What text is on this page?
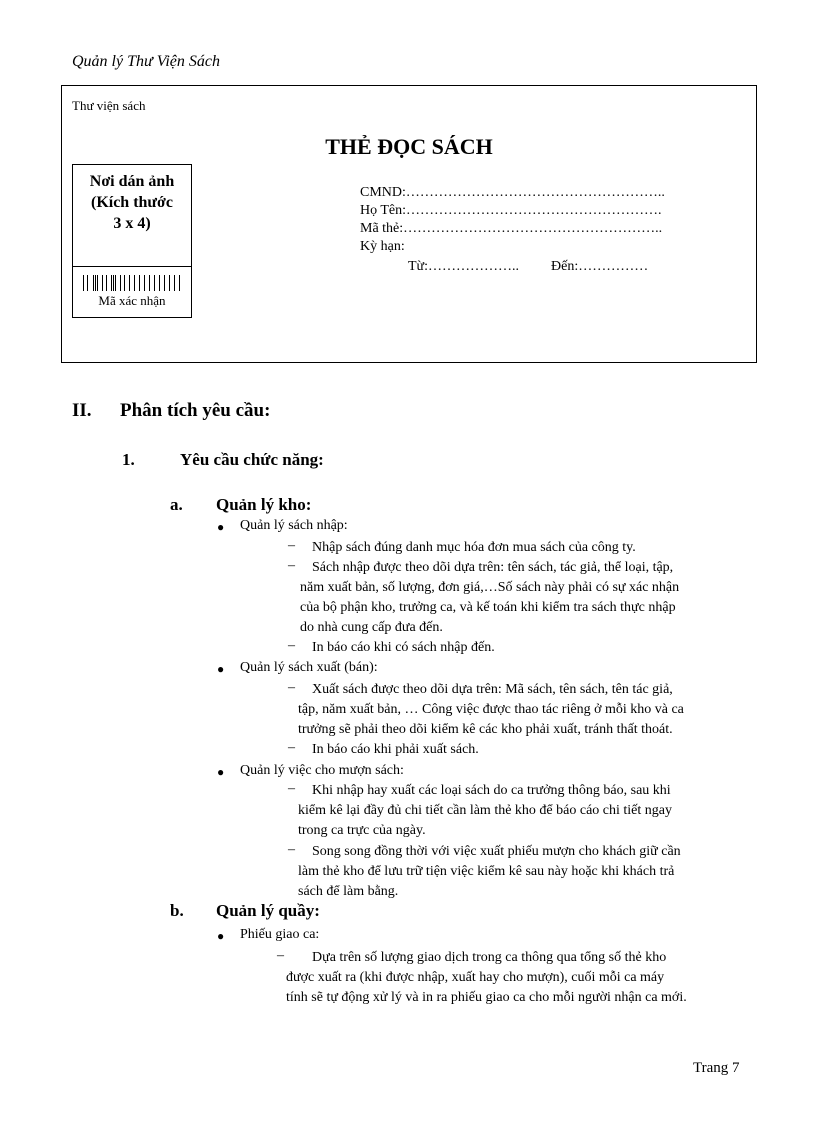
Quản lý Thư Viện Sách
Thư viện sách
THẺ ĐỌC SÁCH
Nơi dán ảnh
(Kích thước
3 x 4)
Mã xác nhận
CMND:………………………………………………..
Họ Tên:……………………………………………….
Mã thẻ:………………………………………………..
Kỳ hạn:
Từ:……………….. Đến:……………
II. Phân tích yêu cầu:
1.	Yêu cầu chức năng:
a. Quản lý kho:
● Quản lý sách nhập:
– Nhập sách đúng danh mục hóa đơn mua sách của công ty.
– Sách nhập được theo dõi dựa trên: tên sách, tác giả, thể loại, tập,
năm xuất bản, số lượng, đơn giá,…Số sách này phải có sự xác nhận
của bộ phận kho, trưởng ca, và kế toán khi kiểm tra sách thực nhập
do nhà cung cấp đưa đến.
– In báo cáo khi có sách nhập đến.
● Quản lý sách xuất (bán):
– Xuất sách được theo dõi dựa trên: Mã sách, tên sách, tên tác giả,
tập, năm xuất bản, … Công việc được thao tác riêng ở mỗi kho và ca
trưởng sẽ phải theo dõi kiểm kê các kho phải xuất, tránh thất thoát.
– In báo cáo khi phải xuất sách.
● Quản lý việc cho mượn sách:
– Khi nhập hay xuất các loại sách do ca trưởng thông báo, sau khi
kiểm kê lại đầy đủ chi tiết cần làm thẻ kho để báo cáo chi tiết ngay
trong ca trực của ngày.
– Song song đồng thời với việc xuất phiếu mượn cho khách giữ cần
làm thẻ kho để lưu trữ tiện việc kiểm kê sau này hoặc khi khách trả
sách để làm bằng.
b. Quản lý quầy:
● Phiếu giao ca:
– Dựa trên số lượng giao dịch trong ca thông qua tổng số thẻ kho
được xuất ra (khi được nhập, xuất hay cho mượn), cuối mỗi ca máy
tính sẽ tự động xử lý và in ra phiếu giao ca cho mỗi người nhận ca mới.
Trang 7
